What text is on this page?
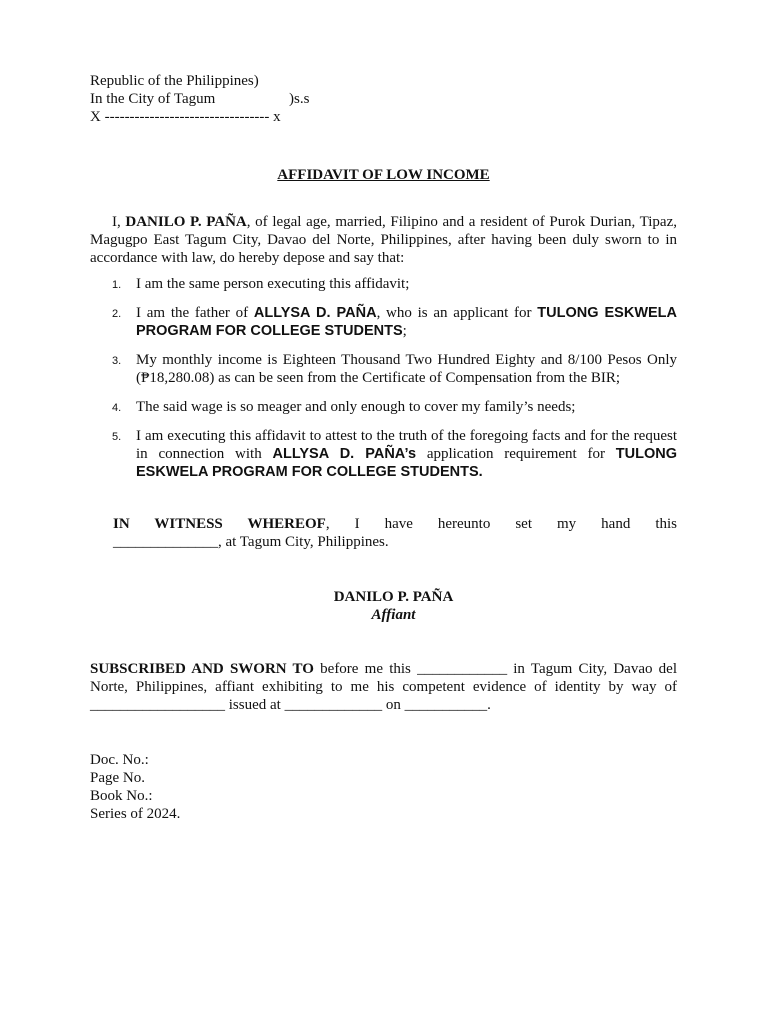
Republic of the Philippines)
In the City of Tagum	)s.s
X --------------------------------- x
AFFIDAVIT OF LOW INCOME

I, DANILO P. PAÑA, of legal age, married, Filipino and a resident of Purok Durian, Tipaz, Magugpo East Tagum City, Davao del Norte, Philippines, after having been duly sworn to in accordance with law, do hereby depose and say that:

1. I am the same person executing this affidavit;
2. I am the father of ALLYSA D. PAÑA, who is an applicant for TULONG ESKWELA PROGRAM FOR COLLEGE STUDENTS;
3. My monthly income is Eighteen Thousand Two Hundred Eighty and 8/100 Pesos Only (₱18,280.08) as can be seen from the Certificate of Compensation from the BIR;
4. The said wage is so meager and only enough to cover my family’s needs;
5. I am executing this affidavit to attest to the truth of the foregoing facts and for the request in connection with ALLYSA D. PAÑA’s application requirement for TULONG ESKWELA PROGRAM FOR COLLEGE STUDENTS.
IN WITNESS WHEREOF, I have hereunto set my hand this
______________, at Tagum City, Philippines.
DANILO P. PAÑA
Affiant

SUBSCRIBED AND SWORN TO before me this ____________ in Tagum City, Davao del Norte, Philippines, affiant exhibiting to me his competent evidence of identity by way of __________________ issued at _____________ on ___________.

Doc. No.:
Page No.
Book No.:
Series of 2024.
